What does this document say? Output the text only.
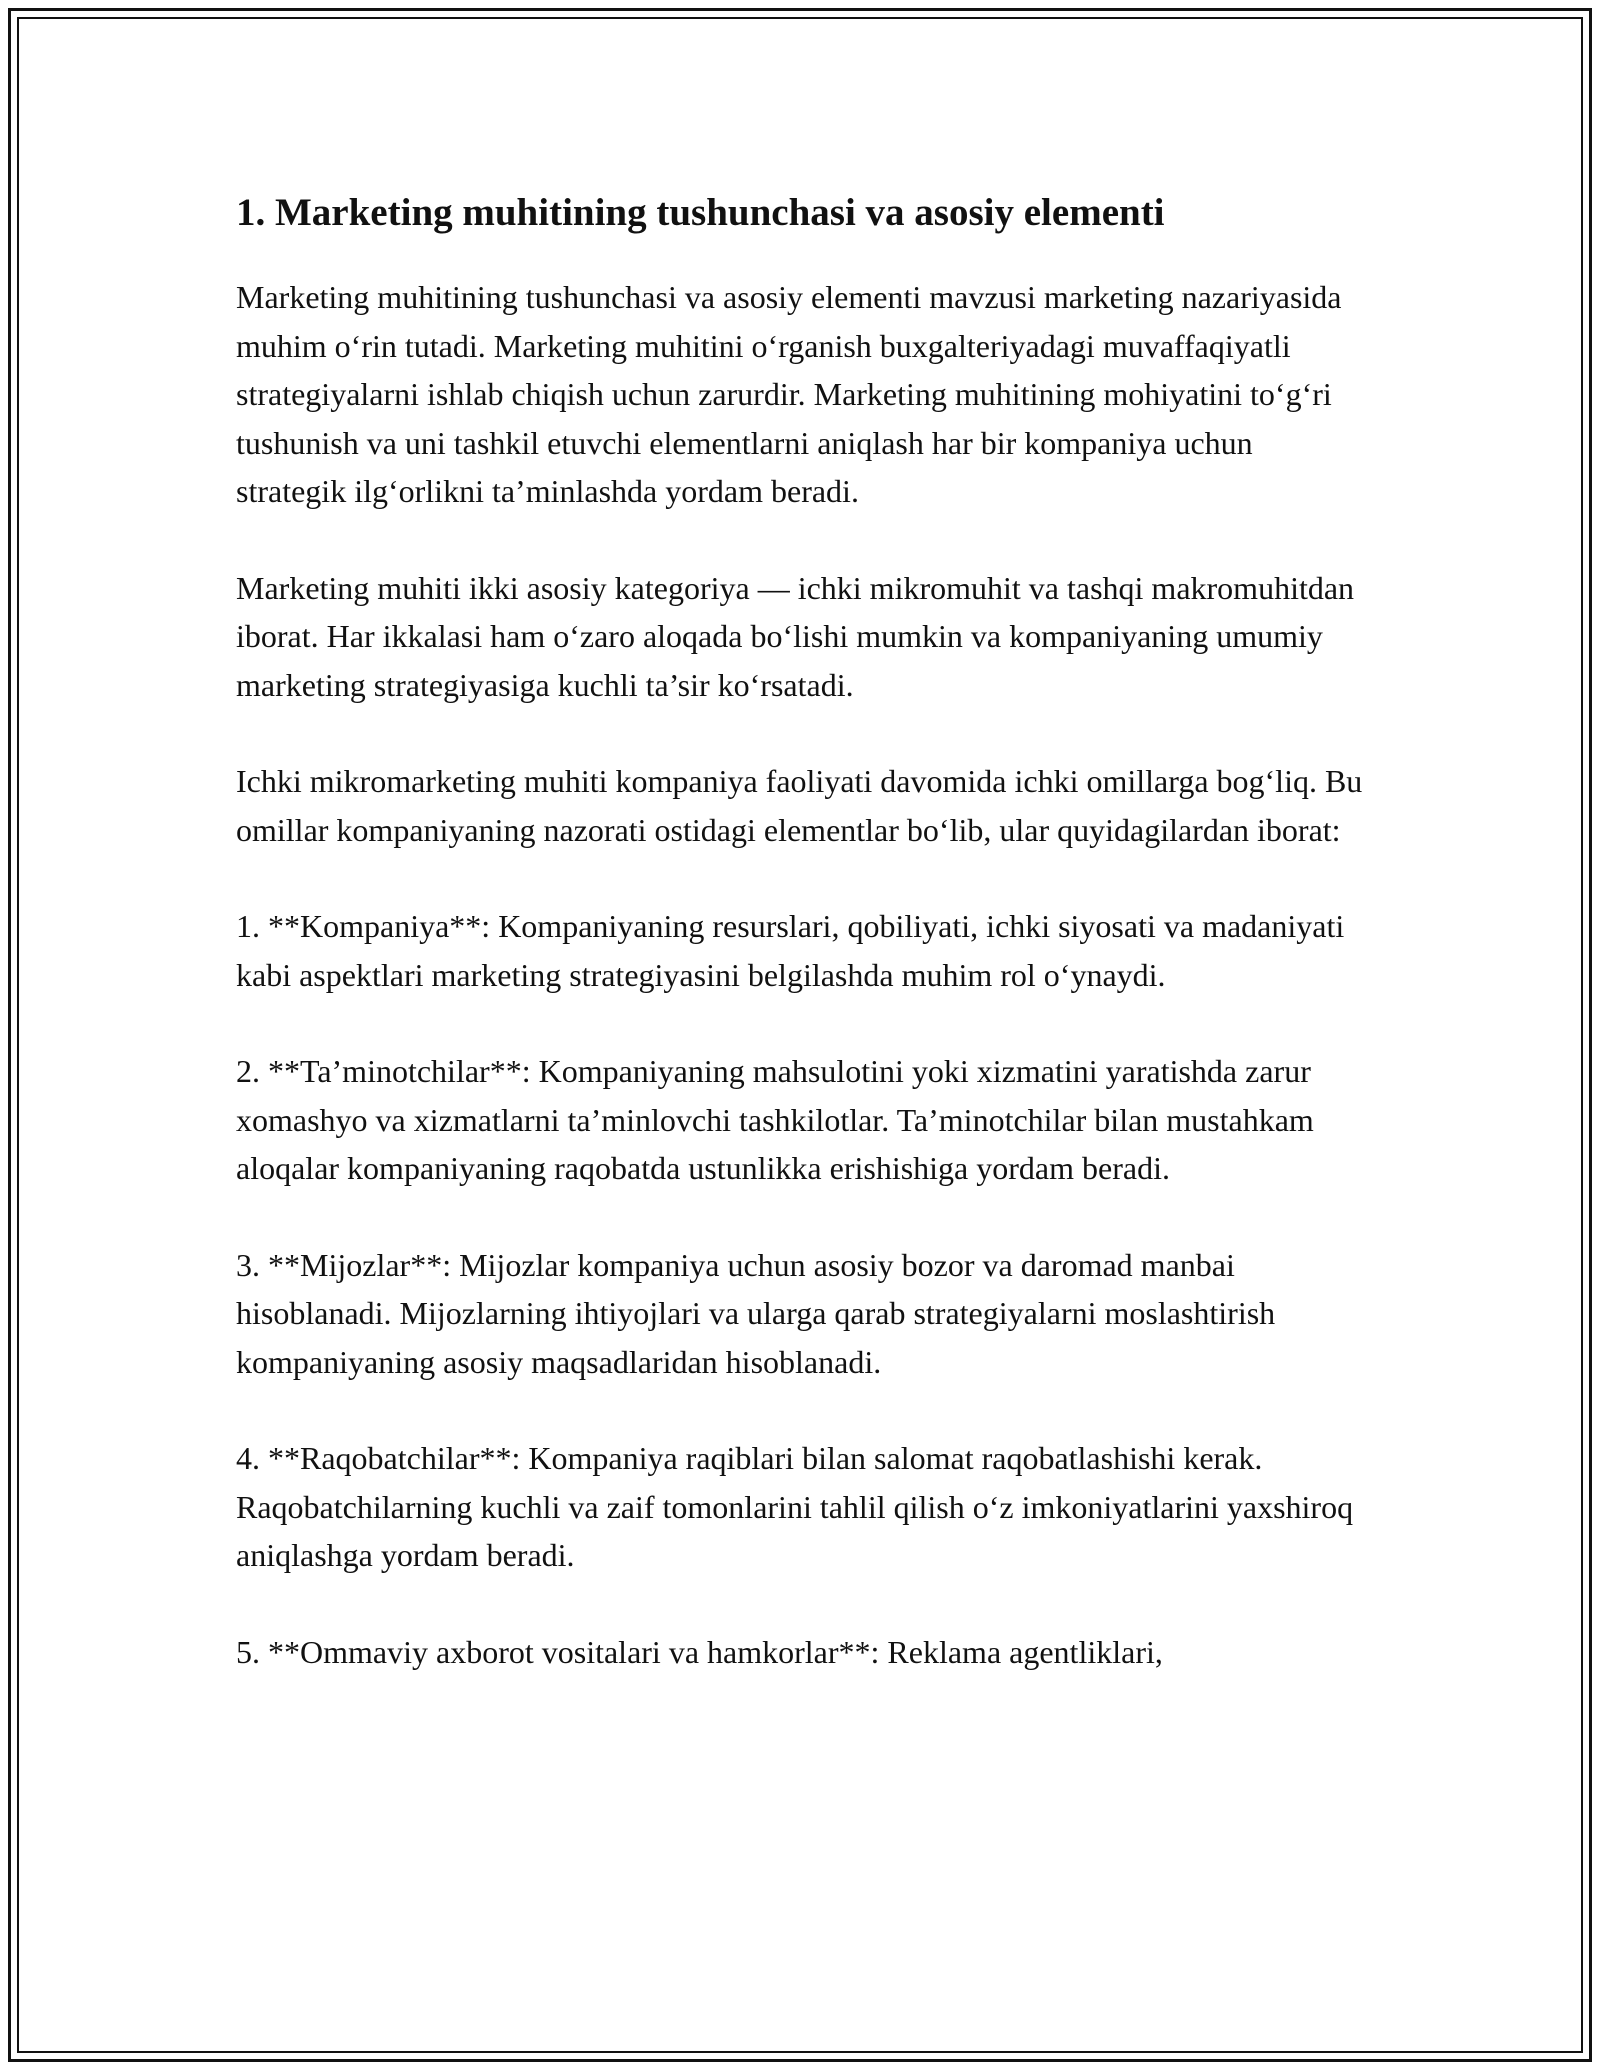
1. Marketing muhitining tushunchasi va asosiy elementi

Marketing muhitining tushunchasi va asosiy elementi mavzusi marketing nazariyasida muhim o‘rin tutadi. Marketing muhitini o‘rganish buxgalteriyadagi muvaffaqiyatli strategiyalarni ishlab chiqish uchun zarurdir. Marketing muhitining mohiyatini to‘g‘ri tushunish va uni tashkil etuvchi elementlarni aniqlash har bir kompaniya uchun strategik ilg‘orlikni ta’minlashda yordam beradi.

Marketing muhiti ikki asosiy kategoriya — ichki mikromuhit va tashqi makromuhitdan iborat. Har ikkalasi ham o‘zaro aloqada bo‘lishi mumkin va kompaniyaning umumiy marketing strategiyasiga kuchli ta’sir ko‘rsatadi.

Ichki mikromarketing muhiti kompaniya faoliyati davomida ichki omillarga bog‘liq. Bu omillar kompaniyaning nazorati ostidagi elementlar bo‘lib, ular quyidagilardan iborat:

1. **Kompaniya**: Kompaniyaning resurslari, qobiliyati, ichki siyosati va madaniyati kabi aspektlari marketing strategiyasini belgilashda muhim rol o‘ynaydi.

2. **Ta’minotchilar**: Kompaniyaning mahsulotini yoki xizmatini yaratishda zarur xomashyo va xizmatlarni ta’minlovchi tashkilotlar. Ta’minotchilar bilan mustahkam aloqalar kompaniyaning raqobatda ustunlikka erishishiga yordam beradi.

3. **Mijozlar**: Mijozlar kompaniya uchun asosiy bozor va daromad manbai hisoblanadi. Mijozlarning ihtiyojlari va ularga qarab strategiyalarni moslashtirish kompaniyaning asosiy maqsadlaridan hisoblanadi.

4. **Raqobatchilar**: Kompaniya raqiblari bilan salomat raqobatlashishi kerak. Raqobatchilarning kuchli va zaif tomonlarini tahlil qilish o‘z imkoniyatlarini yaxshiroq aniqlashga yordam beradi.

5. **Ommaviy axborot vositalari va hamkorlar**: Reklama agentliklari,
